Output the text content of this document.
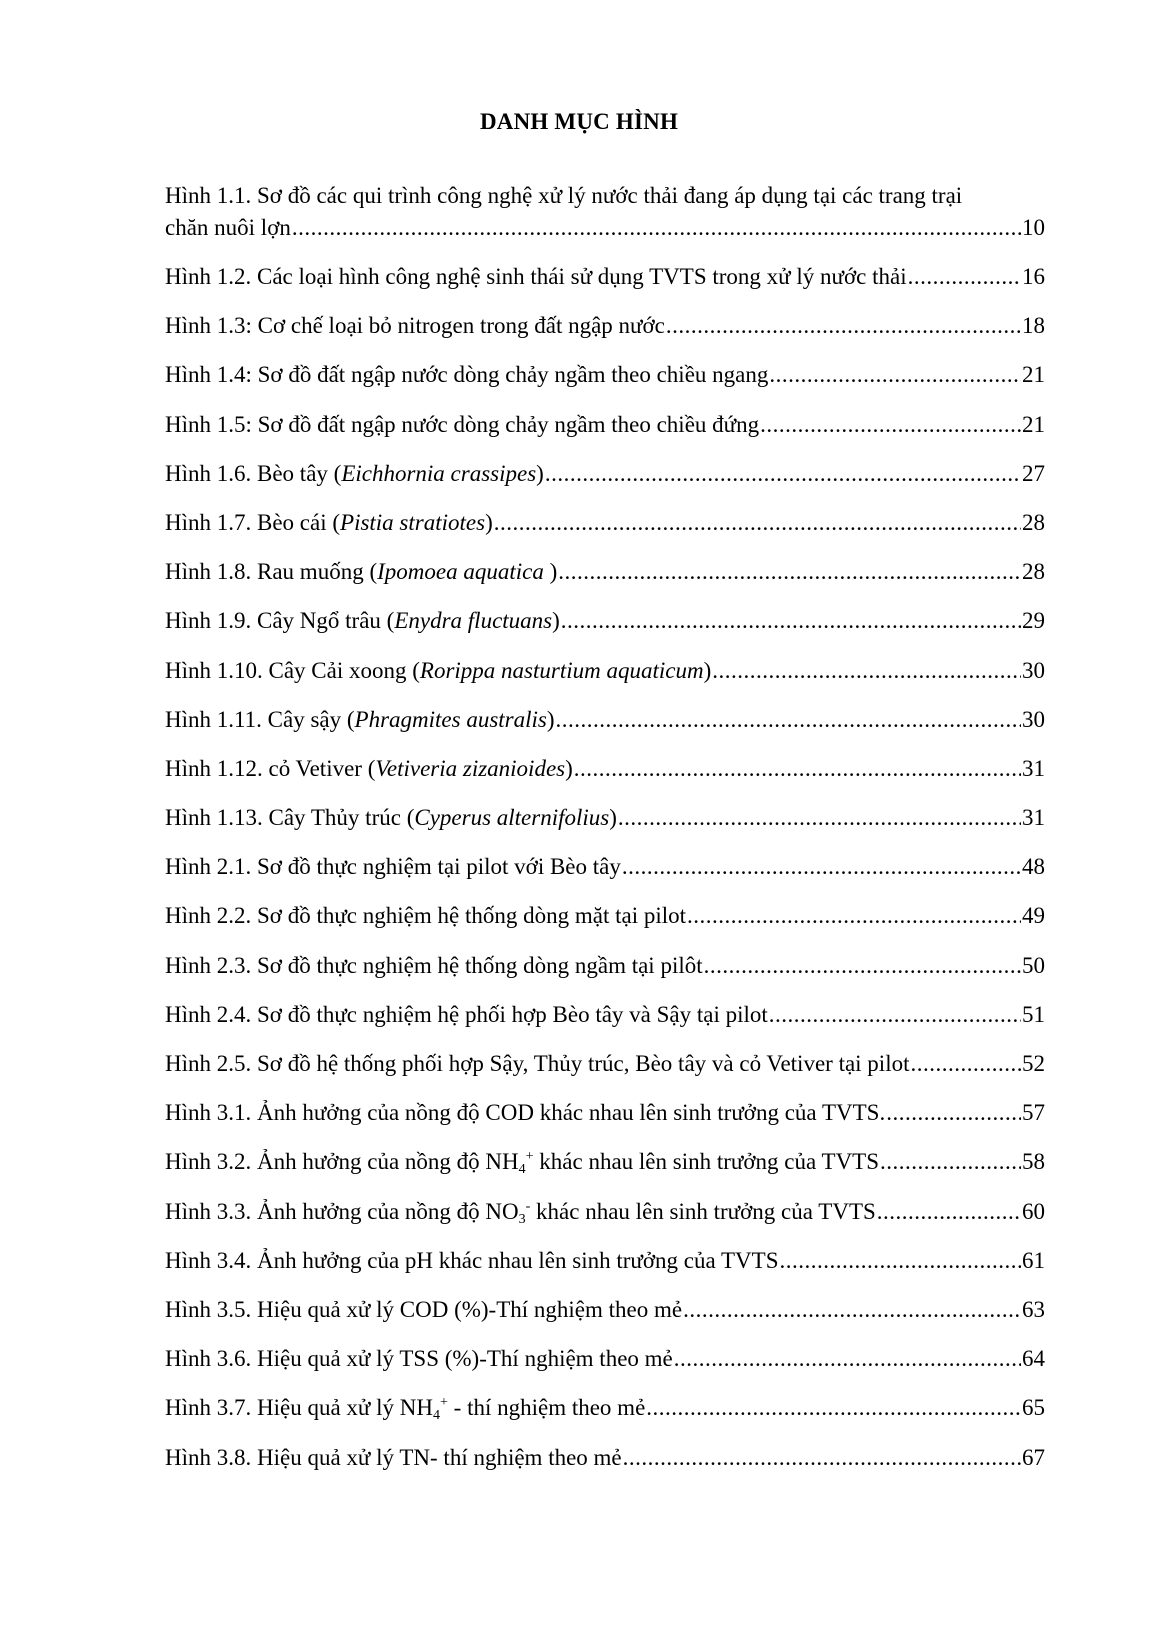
DANH MỤC HÌNH
Hình 1.1. Sơ đồ các qui trình công nghệ xử lý nước thải đang áp dụng tại các trang trại
chăn nuôi lợn .....	10
Hình 1.2. Các loại hình công nghệ sinh thái sử dụng TVTS trong xử lý nước thải .....	16
Hình 1.3: Cơ chế loại bỏ nitrogen trong đất ngập nước .....	18
Hình 1.4: Sơ đồ đất ngập nước dòng chảy ngầm theo chiều ngang .....	21
Hình 1.5: Sơ đồ đất ngập nước dòng chảy ngầm theo chiều đứng .....	21
Hình 1.6. Bèo tây (Eichhornia crassipes) .....	27
Hình 1.7. Bèo cái (Pistia stratiotes) .....	28
Hình 1.8. Rau muống (Ipomoea aquatica ) .....	28
Hình 1.9. Cây Ngổ trâu (Enydra fluctuans) .....	29
Hình 1.10. Cây Cải xoong (Rorippa nasturtium aquaticum) .....	30
Hình 1.11. Cây sậy (Phragmites australis) .....	30
Hình 1.12. cỏ Vetiver (Vetiveria zizanioides) .....	31
Hình 1.13. Cây Thủy trúc (Cyperus alternifolius) .....	31
Hình 2.1. Sơ đồ thực nghiệm tại pilot với Bèo tây .....	48
Hình 2.2. Sơ đồ thực nghiệm hệ thống dòng mặt tại pilot .....	49
Hình 2.3. Sơ đồ thực nghiệm hệ thống dòng ngầm tại pilôt .....	50
Hình 2.4. Sơ đồ thực nghiệm hệ phối hợp Bèo tây và Sậy tại pilot .....	51
Hình 2.5. Sơ đồ hệ thống phối hợp Sậy, Thủy trúc, Bèo tây và cỏ Vetiver tại pilot .....	52
Hình 3.1. Ảnh hưởng của nồng độ COD khác nhau lên sinh trưởng của TVTS. .....	57
Hình 3.2. Ảnh hưởng của nồng độ $NH_4^+$ khác nhau lên sinh trưởng của TVTS .....	58
Hình 3.3. Ảnh hưởng của nồng độ $NO_3^-$ khác nhau lên sinh trưởng của TVTS .....	60
Hình 3.4. Ảnh hưởng của pH khác nhau lên sinh trưởng của TVTS .....	61
Hình 3.5. Hiệu quả xử lý COD (%)-Thí nghiệm theo mẻ .....	63
Hình 3.6. Hiệu quả xử lý TSS (%)-Thí nghiệm theo mẻ .....	64
Hình 3.7. Hiệu quả xử lý $NH_4^+$ - thí nghiệm theo mẻ .....	65
Hình 3.8. Hiệu quả xử lý TN- thí nghiệm theo mẻ .....	67
